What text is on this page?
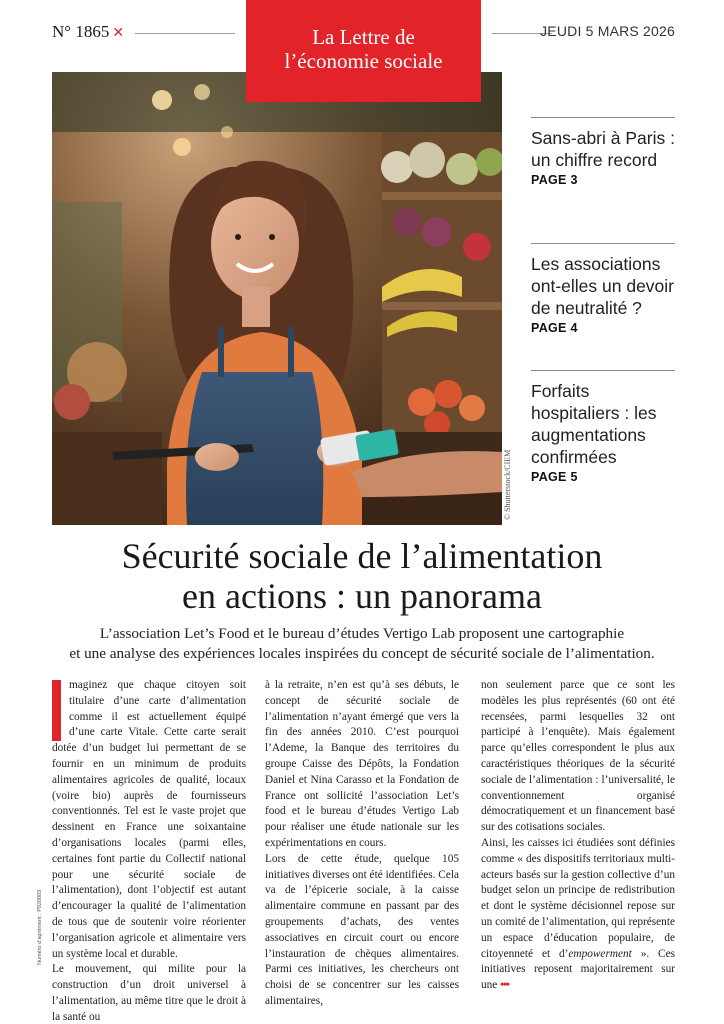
N° 1865 ✕	JEUDI 5 MARS 2026
© Shutterstock/CIEM
La Lettre de
l’économie sociale
Sans-abri à Paris : un chiffre record
PAGE 3
Les associations ont-elles un devoir de neutralité ?
PAGE 4
Forfaits hospitaliers : les augmentations confirmées
PAGE 5
Sécurité sociale de l’alimentation
en actions : un panorama
L’association Let’s Food et le bureau d’études Vertigo Lab proposent une cartographie
et une analyse des expériences locales inspirées du concept de sécurité sociale de l’alimentation.
Numéro d’agrément : P920803

maginez que chaque citoyen soit titulaire d’une carte d’alimentation comme il est actuellement équipé d’une carte Vitale. Cette carte serait dotée d’un budget lui permettant de se fournir en un minimum de produits alimentaires agricoles de qualité, locaux (voire bio) auprès de fournisseurs conventionnés. Tel est le vaste projet que dessinent en France une soixantaine d’organisations locales (parmi elles, certaines font partie du Collectif national pour une sécurité sociale de l’alimentation), dont l’objectif est autant d’encourager la qualité de l’alimentation de tous que de soutenir voire réorienter l’organisation agricole et alimentaire vers un système local et durable.

Le mouvement, qui milite pour la construction d’un droit universel à l’alimentation, au même titre que le droit à la santé ou

à la retraite, n’en est qu’à ses débuts, le concept de sécurité sociale de l’alimentation n’ayant émergé que vers la fin des années 2010. C’est pourquoi l’Ademe, la Banque des territoires du groupe Caisse des Dépôts, la Fondation Daniel et Nina Carasso et la Fondation de France ont sollicité l’association Let’s food et le bureau d’études Vertigo Lab pour réaliser une étude nationale sur les expérimentations en cours.

Lors de cette étude, quelque 105 initiatives diverses ont été identifiées. Cela va de l’épicerie sociale, à la caisse alimentaire commune en passant par des groupements d’achats, des ventes associatives en circuit court ou encore l’instauration de chèques alimentaires. Parmi ces initiatives, les chercheurs ont choisi de se concentrer sur les caisses alimentaires,

non seulement parce que ce sont les modèles les plus représentés (60 ont été recensées, parmi lesquelles 32 ont participé à l’enquête). Mais également parce qu’elles correspondent le plus aux caractéristiques théoriques de la sécurité sociale de l’alimentation : l’universalité, le conventionnement organisé démocratiquement et un financement basé sur des cotisations sociales.

Ainsi, les caisses ici étudiées sont définies comme « des dispositifs territoriaux multi-acteurs basés sur la gestion collective d’un budget selon un principe de redistribution et dont le système décisionnel repose sur un comité de l’alimentation, qui représente un espace d’éducation populaire, de citoyenneté et d’empowerment ». Ces initiatives reposent majoritairement sur une •••
